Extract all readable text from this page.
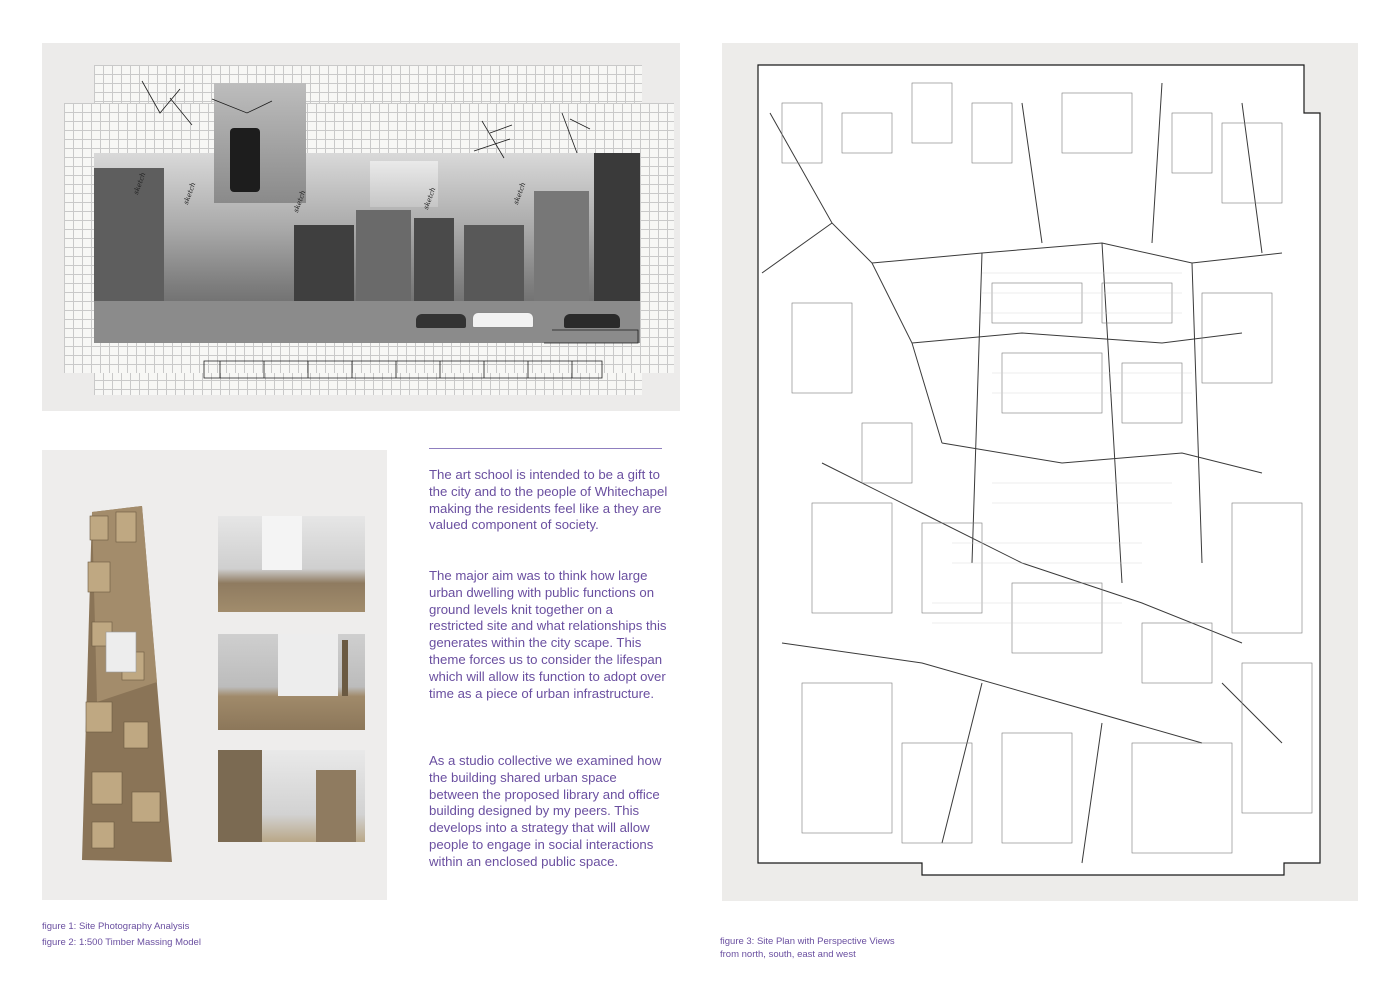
sketch	sketch	sketch	sketch	sketch

The art school is intended to be a gift to the city and to the people of Whitechapel making the residents feel like a they are valued component of society.

The major aim was to think how large urban dwelling with public functions on ground levels knit together on a restricted site and what relationships this generates within the city scape. This theme forces us to consider the lifespan which will allow its function to adopt over time as a piece of urban infrastructure.

As a studio collective we examined how the building shared urban space between the proposed library and office building designed by my peers. This develops into a strategy that will allow people to engage in social interactions within an enclosed public space.

figure 1: Site Photography Analysis
figure 2: 1:500 Timber Massing Model	figure 3: Site Plan with Perspective Views
from north, south, east and west
